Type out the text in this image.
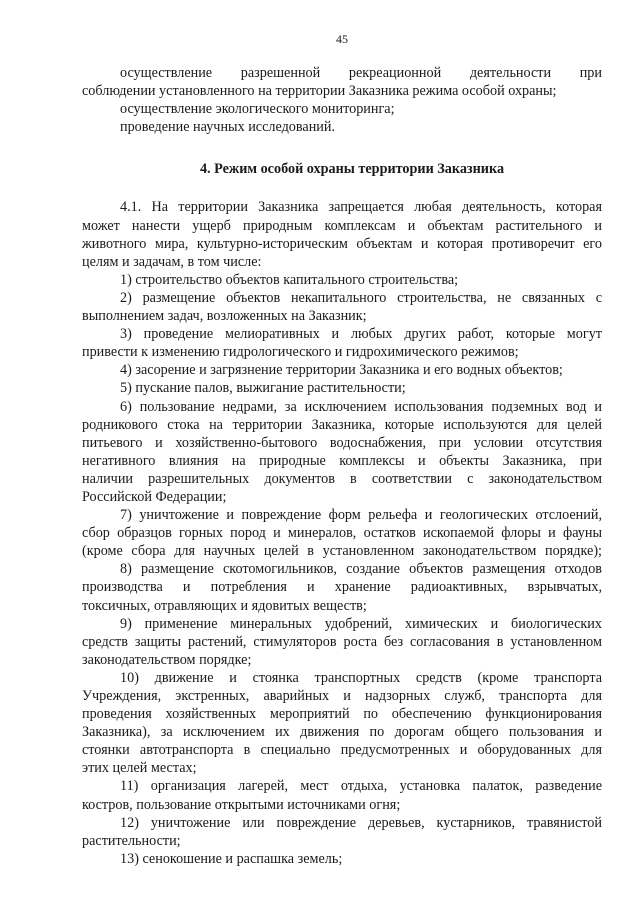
45
осуществление разрешенной рекреационной деятельности при
соблюдении установленного на территории Заказника режима особой охраны;
осуществление экологического мониторинга;
проведение научных исследований.
4. Режим особой охраны территории Заказника
4.1. На территории Заказника запрещается любая деятельность, которая
может нанести ущерб природным комплексам и объектам растительного и
животного мира, культурно-историческим объектам и которая противоречит его
целям и задачам, в том числе:
1) строительство объектов капитального строительства;
2) размещение объектов некапитального строительства, не связанных с
выполнением задач, возложенных на Заказник;
3) проведение мелиоративных и любых других работ, которые могут
привести к изменению гидрологического и гидрохимического режимов;
4) засорение и загрязнение территории Заказника и его водных объектов;
5) пускание палов, выжигание растительности;
6) пользование недрами, за исключением использования подземных вод и
родникового стока на территории Заказника, которые используются для целей
питьевого и хозяйственно-бытового водоснабжения, при условии отсутствия
негативного влияния на природные комплексы и объекты Заказника, при
наличии разрешительных документов в соответствии с законодательством
Российской Федерации;
7) уничтожение и повреждение форм рельефа и геологических отслоений,
сбор образцов горных пород и минералов, остатков ископаемой флоры и фауны
(кроме сбора для научных целей в установленном законодательством порядке);
8) размещение скотомогильников, создание объектов размещения отходов
производства и потребления и хранение радиоактивных, взрывчатых,
токсичных, отравляющих и ядовитых веществ;
9) применение минеральных удобрений, химических и биологических
средств защиты растений, стимуляторов роста без согласования в установленном
законодательством порядке;
10) движение и стоянка транспортных средств (кроме транспорта
Учреждения, экстренных, аварийных и надзорных служб, транспорта для
проведения хозяйственных мероприятий по обеспечению функционирования
Заказника), за исключением их движения по дорогам общего пользования и
стоянки автотранспорта в специально предусмотренных и оборудованных для
этих целей местах;
11) организация лагерей, мест отдыха, установка палаток, разведение
костров, пользование открытыми источниками огня;
12) уничтожение или повреждение деревьев, кустарников, травянистой
растительности;
13) сенокошение и распашка земель;
